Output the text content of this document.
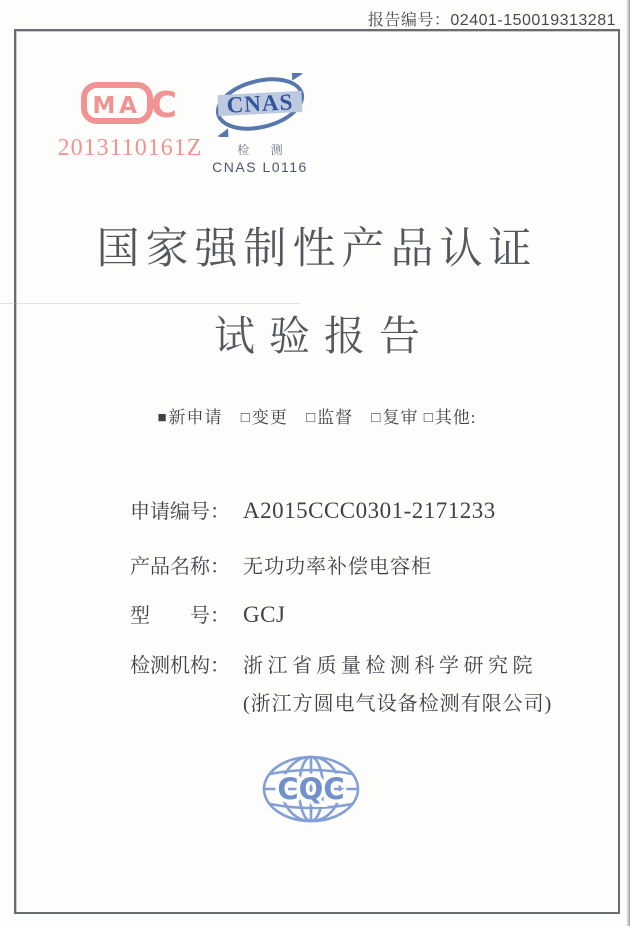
报告编号：02401-150019313281
M A C
2013110161Z
CNAS
检 测
CNAS L0116
国家强制性产品认证
试验报告
■新申请 □变更 □监督 □复审 □其他:
申请编号： A2015CCC0301-2171233
产品名称： 无功功率补偿电容柜
型　　号： GCJ
检测机构： 浙江省质量检测科学研究院
(浙江方圆电气设备检测有限公司)
CQC
